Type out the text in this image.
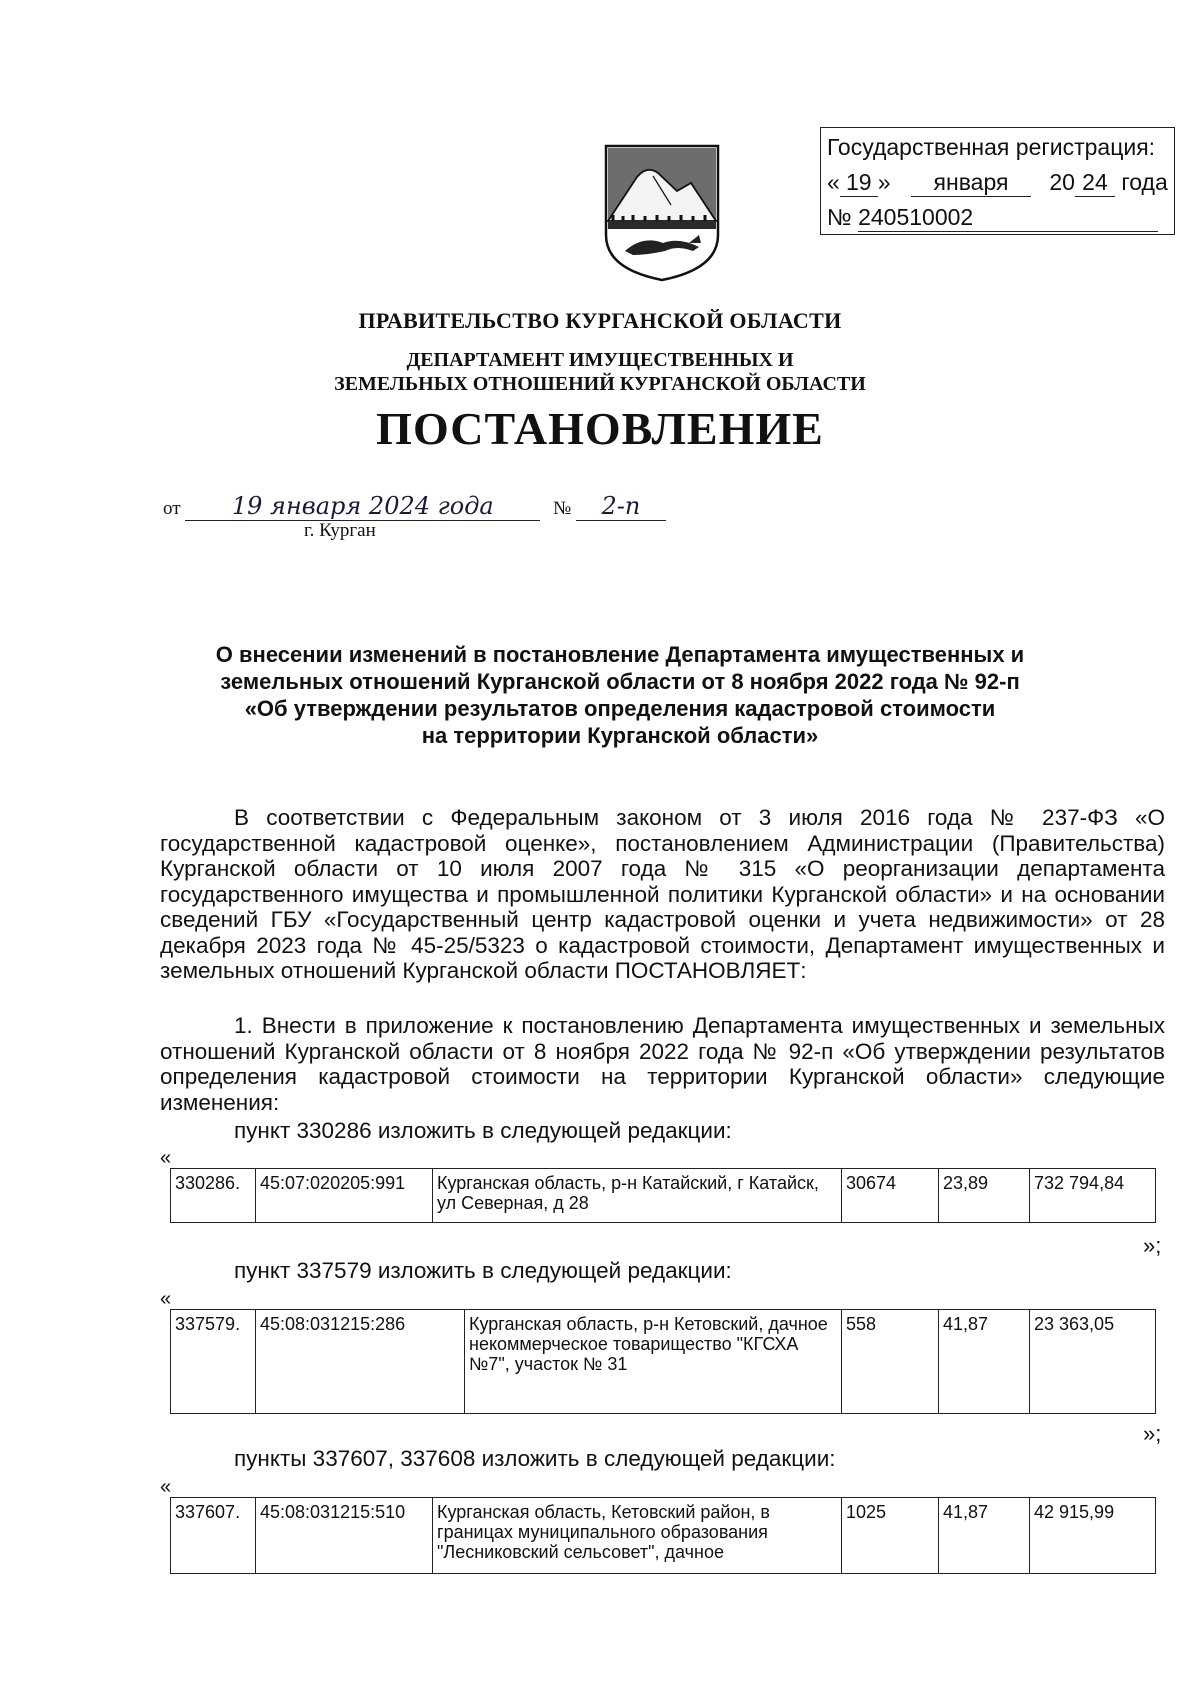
Государственная регистрация:
« 19 » января 20 24 года
№ 240510002
ПРАВИТЕЛЬСТВО КУРГАНСКОЙ ОБЛАСТИ
ДЕПАРТАМЕНТ ИМУЩЕСТВЕННЫХ И
ЗЕМЕЛЬНЫХ ОТНОШЕНИЙ КУРГАНСКОЙ ОБЛАСТИ
ПОСТАНОВЛЕНИЕ
от 19 января 2024 года	№ 2-п
г. Курган
О внесении изменений в постановление Департамента имущественных и
земельных отношений Курганской области от 8 ноября 2022 года № 92-п
«Об утверждении результатов определения кадастровой стоимости
на территории Курганской области»
В соответствии с Федеральным законом от 3 июля 2016 года № 237-ФЗ «О государственной кадастровой оценке», постановлением Администрации (Правительства) Курганской области от 10 июля 2007 года № 315 «О реорганизации департамента государственного имущества и промышленной политики Курганской области» и на основании сведений ГБУ «Государственный центр кадастровой оценки и учета недвижимости» от 28 декабря 2023 года № 45-25/5323 о кадастровой стоимости, Департамент имущественных и земельных отношений Курганской области ПОСТАНОВЛЯЕТ:
1. Внести в приложение к постановлению Департамента имущественных и земельных отношений Курганской области от 8 ноября 2022 года № 92-п «Об утверждении результатов определения кадастровой стоимости на территории Курганской области» следующие изменения:
пункт 330286 изложить в следующей редакции:
«
330286.	45:07:020205:991	Курганская область, р-н Катайский, г Катайск, ул Северная, д 28	30674	23,89	732 794,84
»;
пункт 337579 изложить в следующей редакции:
«
337579.	45:08:031215:286	Курганская область, р-н Кетовский, дачное некоммерческое товарищество "КГСХА №7", участок № 31	558	41,87	23 363,05
»;
пункты 337607, 337608 изложить в следующей редакции:
«
337607.	45:08:031215:510	Курганская область, Кетовский район, в границах муниципального образования "Лесниковский сельсовет", дачное	1025	41,87	42 915,99
